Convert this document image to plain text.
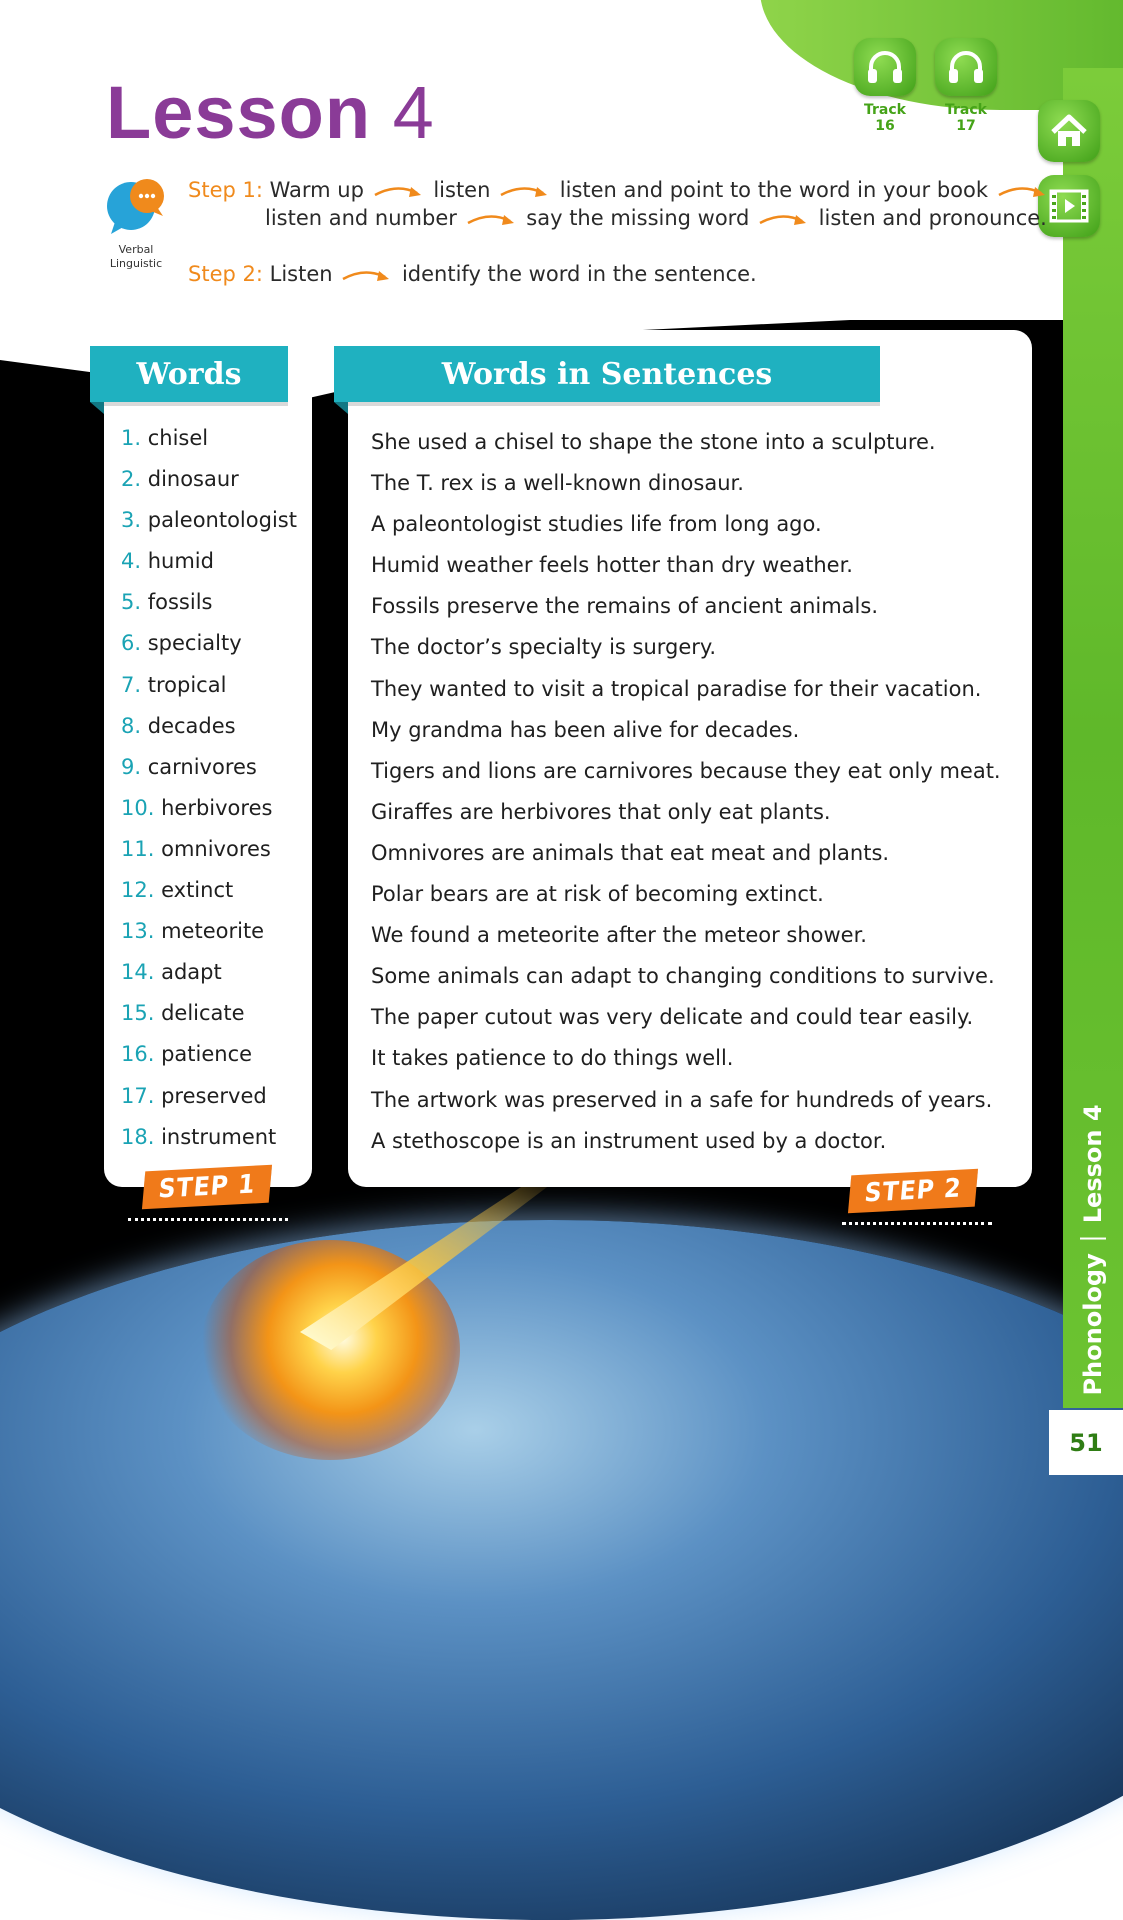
Track 16
Track 17
Lesson 4
Verbal
Linguistic
Step 1: Warm up	listen	listen and point to the word in your book
listen and number	say the missing word	listen and pronounce.
Step 2: Listen	identify the word in the sentence.
Words	Words in Sentences
1. chisel
2. dinosaur
3. paleontologist
4. humid
5. fossils
6. specialty
7. tropical
8. decades
9. carnivores
10. herbivores
11. omnivores
12. extinct
13. meteorite
14. adapt
15. delicate
16. patience
17. preserved
18. instrument
She used a chisel to shape the stone into a sculpture.
The T. rex is a well-known dinosaur.
A paleontologist studies life from long ago.
Humid weather feels hotter than dry weather.
Fossils preserve the remains of ancient animals.
The doctor’s specialty is surgery.
They wanted to visit a tropical paradise for their vacation.
My grandma has been alive for decades.
Tigers and lions are carnivores because they eat only meat.
Giraffes are herbivores that only eat plants.
Omnivores are animals that eat meat and plants.
Polar bears are at risk of becoming extinct.
We found a meteorite after the meteor shower.
Some animals can adapt to changing conditions to survive.
The paper cutout was very delicate and could tear easily.
It takes patience to do things well.
The artwork was preserved in a safe for hundreds of years.
A stethoscope is an instrument used by a doctor.
STEP 1	STEP 2
Phonology
Lesson 4
51
